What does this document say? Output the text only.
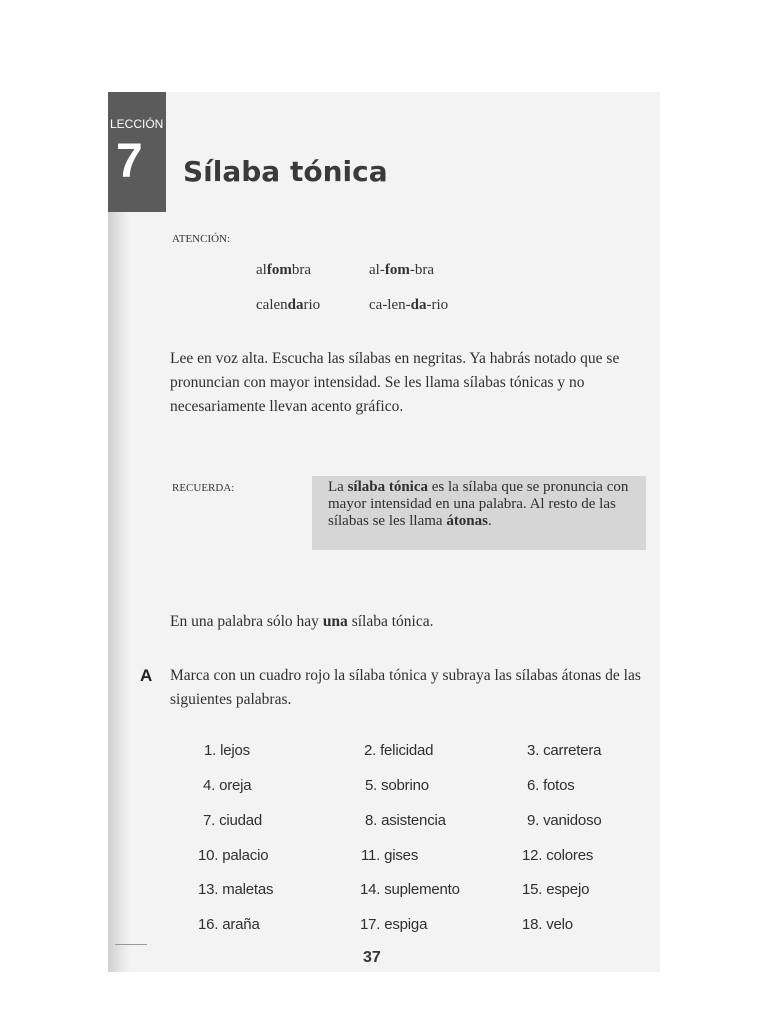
LECCIÓN
7 Sílaba tónica
ATENCIÓN:
alfombra	al-fom-bra
calendario	ca-len-da-rio
Lee en voz alta. Escucha las sílabas en negritas. Ya habrás notado que se pronuncian con mayor intensidad. Se les llama sílabas tónicas y no necesariamente llevan acento gráfico.
RECUERDA:	La sílaba tónica es la sílaba que se pronuncia con mayor intensidad en una palabra. Al resto de las sílabas se les llama átonas.
En una palabra sólo hay una sílaba tónica.
A Marca con un cuadro rojo la sílaba tónica y subraya las sílabas átonas de las siguientes palabras.
1. lejos	2. felicidad	3. carretera
4. oreja	5. sobrino	6. fotos
7. ciudad	8. asistencia	9. vanidoso
10. palacio	11. gises	12. colores
13. maletas	14. suplemento	15. espejo
16. araña	17. espiga	18. velo
37
